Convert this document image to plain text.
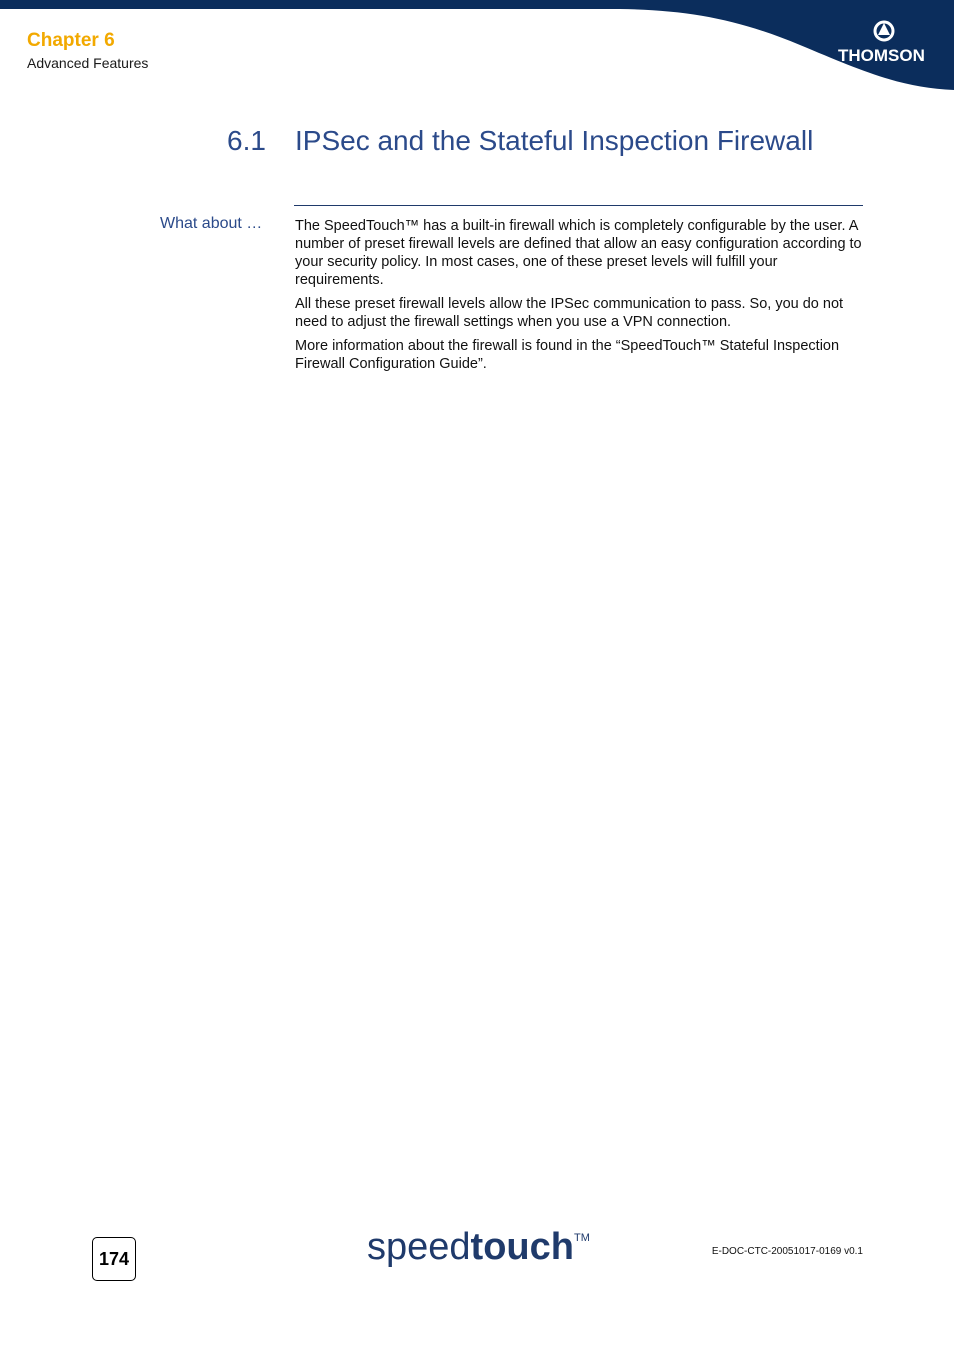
Chapter 6
Advanced Features	THOMSON
6.1 IPSec and the Stateful Inspection Firewall
What about … The SpeedTouch™ has a built-in firewall which is completely configurable by the user. A number of preset firewall levels are defined that allow an easy configuration according to your security policy. In most cases, one of these preset levels will fulfill your requirements.

All these preset firewall levels allow the IPSec communication to pass. So, you do not need to adjust the firewall settings when you use a VPN connection.

More information about the firewall is found in the “SpeedTouch™ Stateful Inspection Firewall Configuration Guide”.

174	speedtouch™
E-DOC-CTC-20051017-0169 v0.1
